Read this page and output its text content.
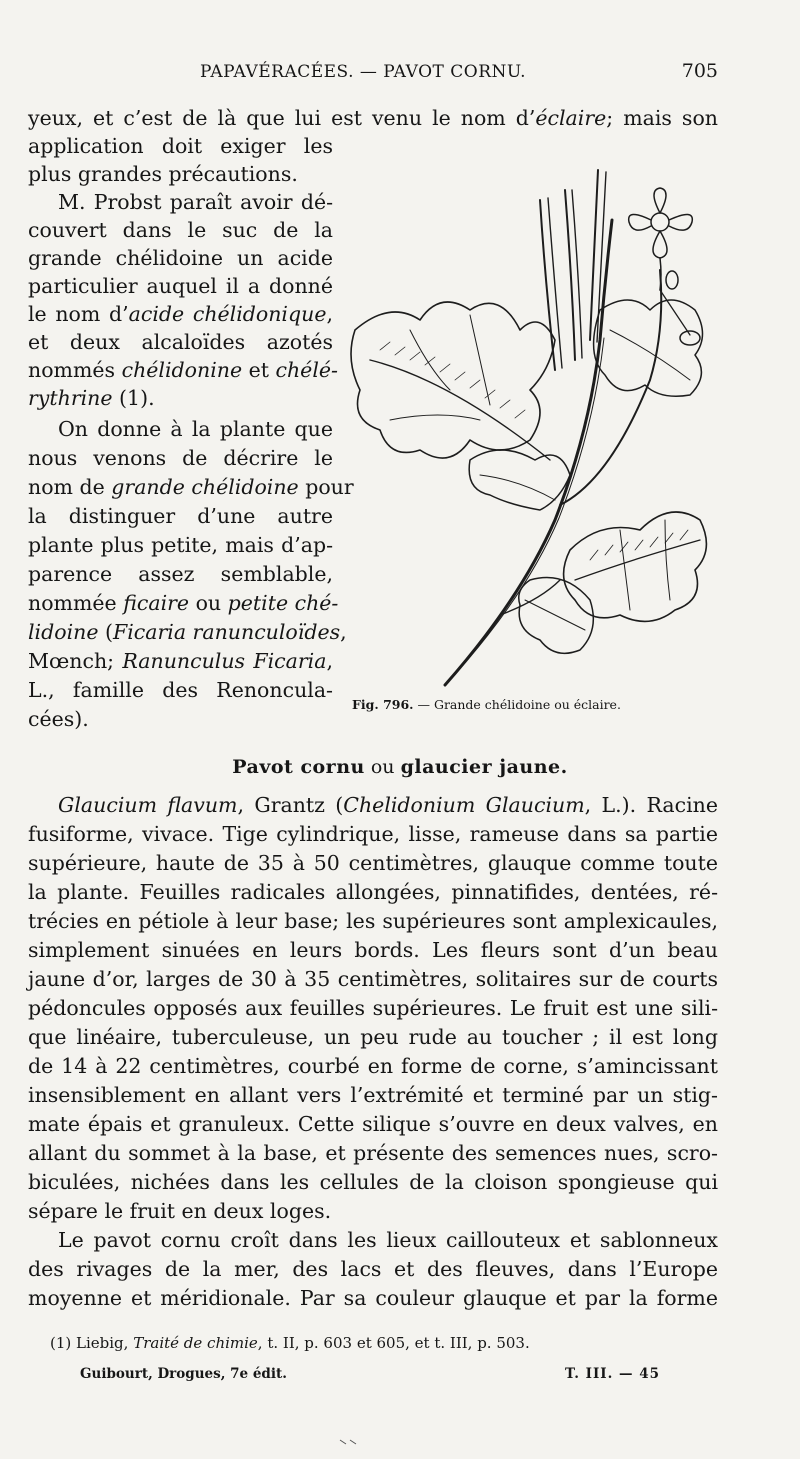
PAPAVÉRACÉES. — PAVOT CORNU.	705
yeux, et c’est de là que lui est venu le nom d’éclaire; mais son
application doit exiger les
plus grandes précautions.
M. Probst paraît avoir dé-
couvert dans le suc de la
grande chélidoine un acide
particulier auquel il a donné
le nom d’acide chélidonique,
et deux alcaloïdes azotés
nommés chélidonine et chélé-
rythrine (1).
On donne à la plante que
nous venons de décrire le
nom de grande chélidoine pour
la distinguer d’une autre
plante plus petite, mais d’ap-
parence assez semblable,
nommée ficaire ou petite ché-
lidoine (Ficaria ranunculoïdes,
Mœnch; Ranunculus Ficaria,
L., famille des Renoncula-
cées).
Fig. 796. — Grande chélidoine ou éclaire.
Pavot cornu ou glaucier jaune.
Glaucium flavum, Grantz (Chelidonium Glaucium, L.). Racine
fusiforme, vivace. Tige cylindrique, lisse, rameuse dans sa partie
supérieure, haute de 35 à 50 centimètres, glauque comme toute
la plante. Feuilles radicales allongées, pinnatifides, dentées, ré-
trécies en pétiole à leur base; les supérieures sont amplexicaules,
simplement sinuées en leurs bords. Les fleurs sont d’un beau
jaune d’or, larges de 30 à 35 centimètres, solitaires sur de courts
pédoncules opposés aux feuilles supérieures. Le fruit est une sili-
que linéaire, tuberculeuse, un peu rude au toucher ; il est long
de 14 à 22 centimètres, courbé en forme de corne, s’amincissant
insensiblement en allant vers l’extrémité et terminé par un stig-
mate épais et granuleux. Cette silique s’ouvre en deux valves, en
allant du sommet à la base, et présente des semences nues, scro-
biculées, nichées dans les cellules de la cloison spongieuse qui
sépare le fruit en deux loges.
Le pavot cornu croît dans les lieux caillouteux et sablonneux
des rivages de la mer, des lacs et des fleuves, dans l’Europe
moyenne et méridionale. Par sa couleur glauque et par la forme
(1) Liebig, Traité de chimie, t. II, p. 603 et 605, et t. III, p. 503.
Guibourt, Drogues, 7e édit.	T. III. — 45
